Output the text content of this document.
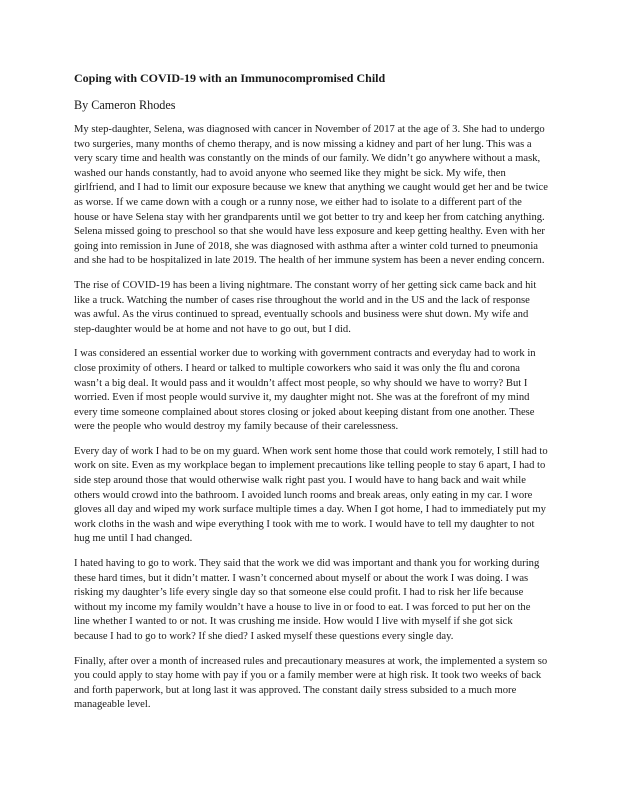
Coping with COVID-19 with an Immunocompromised Child
By Cameron Rhodes

My step-daughter, Selena, was diagnosed with cancer in November of 2017 at the age of 3. She had to undergo two surgeries, many months of chemo therapy, and is now missing a kidney and part of her lung. This was a very scary time and health was constantly on the minds of our family. We didn’t go anywhere without a mask, washed our hands constantly, had to avoid anyone who seemed like they might be sick. My wife, then girlfriend, and I had to limit our exposure because we knew that anything we caught would get her and be twice as worse. If we came down with a cough or a runny nose, we either had to isolate to a different part of the house or have Selena stay with her grandparents until we got better to try and keep her from catching anything. Selena missed going to preschool so that she would have less exposure and keep getting healthy. Even with her going into remission in June of 2018, she was diagnosed with asthma after a winter cold turned to pneumonia and she had to be hospitalized in late 2019. The health of her immune system has been a never ending concern.

The rise of COVID-19 has been a living nightmare. The constant worry of her getting sick came back and hit like a truck. Watching the number of cases rise throughout the world and in the US and the lack of response was awful. As the virus continued to spread, eventually schools and business were shut down. My wife and step-daughter would be at home and not have to go out, but I did.

I was considered an essential worker due to working with government contracts and everyday had to work in close proximity of others. I heard or talked to multiple coworkers who said it was only the flu and corona wasn’t a big deal. It would pass and it wouldn’t affect most people, so why should we have to worry? But I worried. Even if most people would survive it, my daughter might not. She was at the forefront of my mind every time someone complained about stores closing or joked about keeping distant from one another. These were the people who would destroy my family because of their carelessness.

Every day of work I had to be on my guard. When work sent home those that could work remotely, I still had to work on site. Even as my workplace began to implement precautions like telling people to stay 6 apart, I had to side step around those that would otherwise walk right past you. I would have to hang back and wait while others would crowd into the bathroom. I avoided lunch rooms and break areas, only eating in my car. I wore gloves all day and wiped my work surface multiple times a day. When I got home, I had to immediately put my work cloths in the wash and wipe everything I took with me to work. I would have to tell my daughter to not hug me until I had changed.

I hated having to go to work. They said that the work we did was important and thank you for working during these hard times, but it didn’t matter. I wasn’t concerned about myself or about the work I was doing. I was risking my daughter’s life every single day so that someone else could profit. I had to risk her life because without my income my family wouldn’t have a house to live in or food to eat. I was forced to put her on the line whether I wanted to or not. It was crushing me inside. How would I live with myself if she got sick because I had to go to work? If she died? I asked myself these questions every single day.

Finally, after over a month of increased rules and precautionary measures at work, the implemented a system so you could apply to stay home with pay if you or a family member were at high risk. It took two weeks of back and forth paperwork, but at long last it was approved. The constant daily stress subsided to a much more manageable level.
